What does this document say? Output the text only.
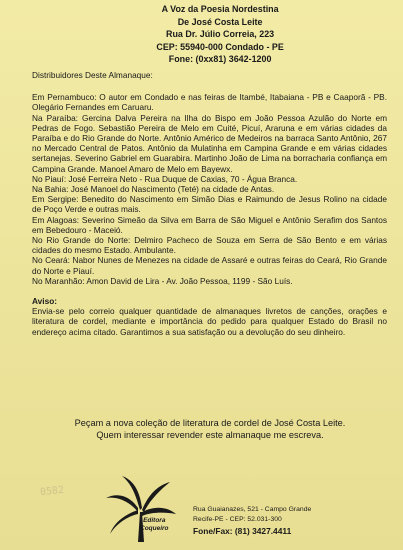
A Voz da Poesia Nordestina
De José Costa Leite
Rua Dr. Júlio Correia, 223
CEP: 55940-000 Condado - PE
Fone: (0xx81) 3642-1200

Distribuidores Deste Almanaque:

Em Pernambuco: O autor em Condado e nas feiras de Itambé, Itabaiana - PB e Caaporã - PB. Olegário Fernandes em Caruaru.

Na Paraíba: Gercina Dalva Pereira na Ilha do Bispo em João Pessoa Azulão do Norte em Pedras de Fogo. Sebastião Pereira de Melo em Cuité, Picuí, Araruna e em várias cidades da Paraíba e do Rio Grande do Norte. Antônio Américo de Medeiros na barraca Santo Antônio, 267 no Mercado Central de Patos. Antônio da Mulatinha em Campina Grande e em várias cidades sertanejas. Severino Gabriel em Guarabira. Martinho João de Lima na borracharia confiança em Campina Grande. Manoel Amaro de Melo em Bayewx.

No Piauí: José Ferreira Neto - Rua Duque de Caxias, 70 - Água Branca.

Na Bahia: José Manoel do Nascimento (Teté) na cidade de Antas.

Em Sergipe: Benedito do Nascimento em Simão Dias e Raimundo de Jesus Rolino na cidade de Poço Verde e outras mais.

Em Alagoas: Severino Simeão da Silva em Barra de São Miguel e Antônio Serafim dos Santos em Bebedouro - Maceió.

No Rio Grande do Norte: Delmiro Pacheco de Souza em Serra de São Bento e em várias cidades do mesmo Estado. Ambulante.

No Ceará: Nabor Nunes de Menezes na cidade de Assaré e outras feiras do Ceará, Rio Grande do Norte e Piauí.

No Maranhão: Amon David de Lira - Av. João Pessoa, 1199 - São Luís.

Aviso:

Envia-se pelo correio qualquer quantidade de almanaques livretos de canções, orações e literatura de cordel, mediante e importância do pedido para qualquer Estado do Brasil no endereço acima citado. Garantimos a sua satisfação ou a devolução do seu dinheiro.

Peçam a nova coleção de literatura de cordel de José Costa Leite.
Quem interessar revender este almanaque me escreva.
0582
Editora
Coqueiro
Rua Guaianazes, 521 - Campo Grande
Recife-PE - CEP: 52.031-300
Fone/Fax: (81) 3427.4411
